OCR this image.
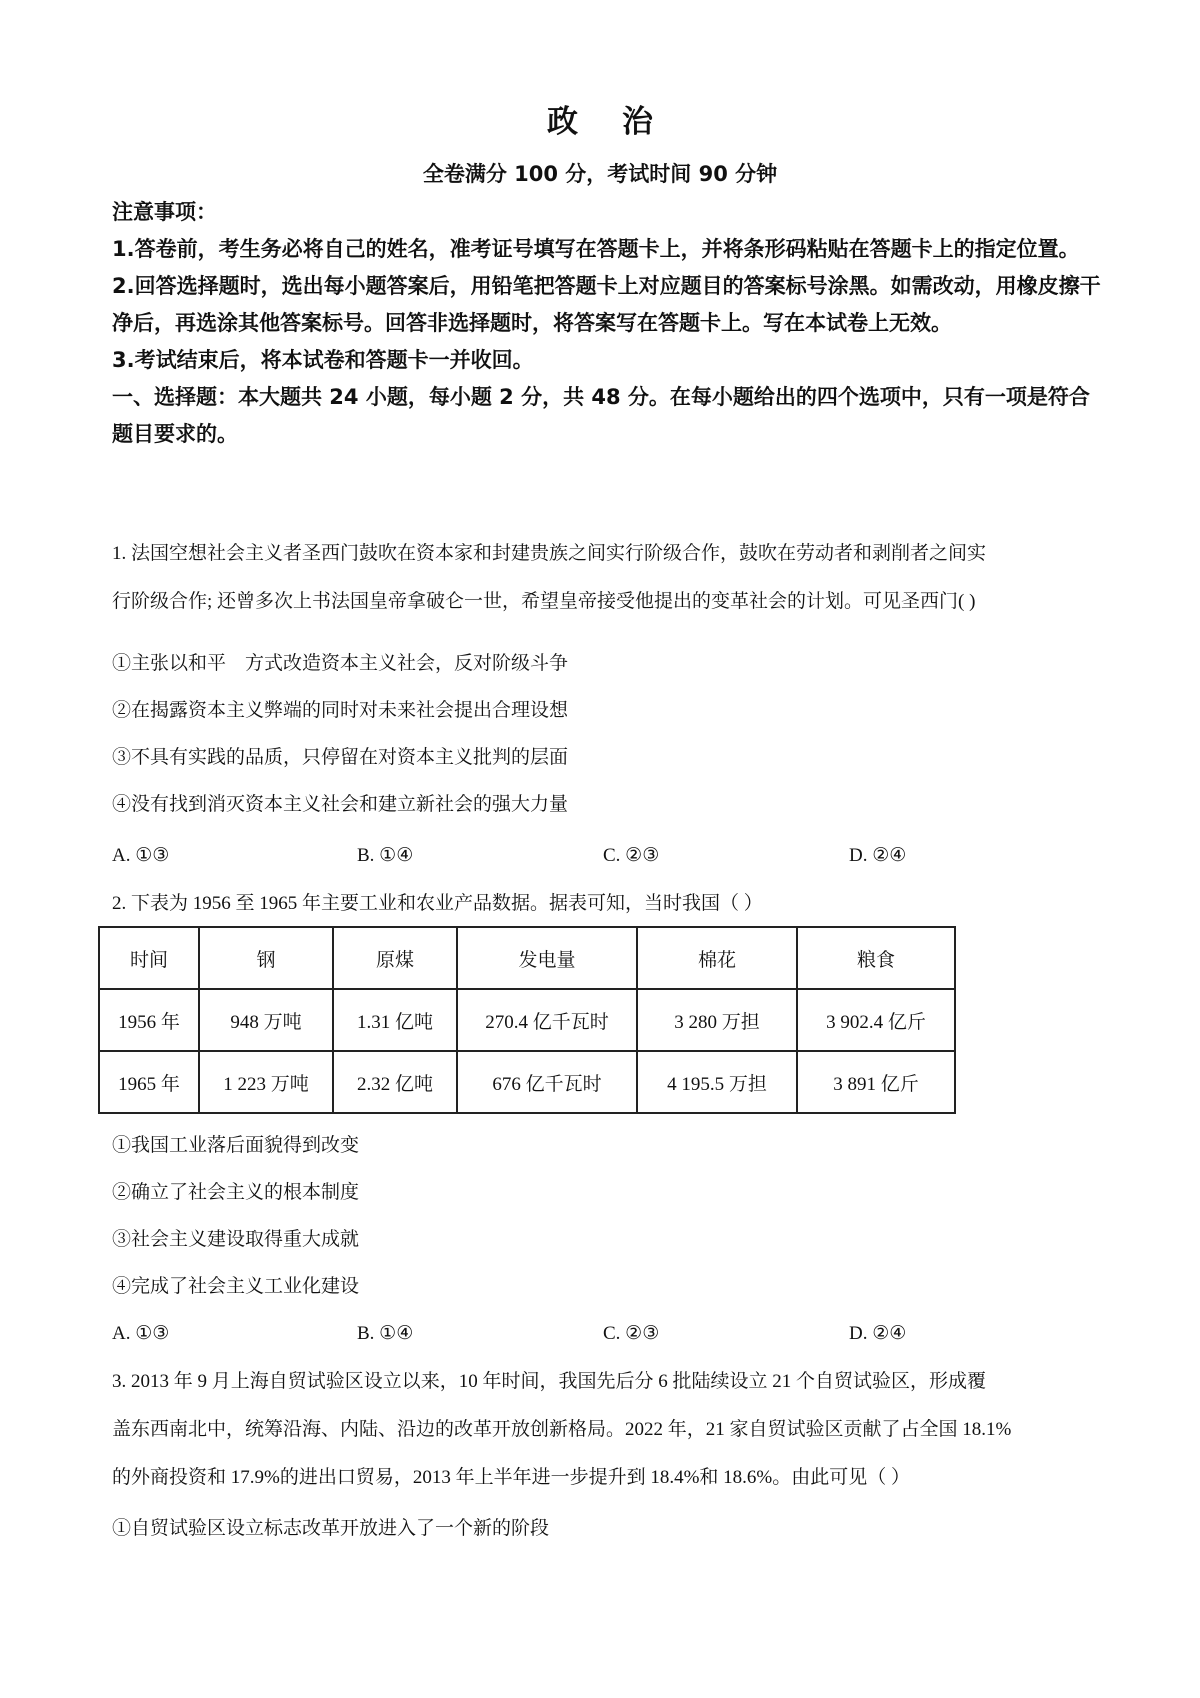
政治
全卷满分 100 分，考试时间 90 分钟

注意事项：

1.答卷前，考生务必将自己的姓名，准考证号填写在答题卡上，并将条形码粘贴在答题卡上的指定位置。

2.回答选择题时，选出每小题答案后，用铅笔把答题卡上对应题目的答案标号涂黑。如需改动，用橡皮擦干净后，再选涂其他答案标号。回答非选择题时，将答案写在答题卡上。写在本试卷上无效。

3.考试结束后，将本试卷和答题卡一并收回。

一、选择题：本大题共 24 小题，每小题 2 分，共 48 分。在每小题给出的四个选项中，只有一项是符合题目要求的。

1. 法国空想社会主义者圣西门鼓吹在资本家和封建贵族之间实行阶级合作，鼓吹在劳动者和剥削者之间实

行阶级合作; 还曾多次上书法国皇帝拿破仑一世，希望皇帝接受他提出的变革社会的计划。可见圣西门( )

①主张以和平　方式改造资本主义社会，反对阶级斗争
②在揭露资本主义弊端的同时对未来社会提出合理设想
③不具有实践的品质，只停留在对资本主义批判的层面
④没有找到消灭资本主义社会和建立新社会的强大力量
A. ①③	B. ①④	C. ②③	D. ②④

2. 下表为 1956 至 1965 年主要工业和农业产品数据。据表可知，当时我国（ ）

时间	钢	原煤	发电量	棉花	粮食
1956 年	948 万吨	1.31 亿吨	270.4 亿千瓦时	3 280 万担	3 902.4 亿斤
1965 年	1 223 万吨	2.32 亿吨	676 亿千瓦时	4 195.5 万担	3 891 亿斤
①我国工业落后面貌得到改变
②确立了社会主义的根本制度
③社会主义建设取得重大成就
④完成了社会主义工业化建设
A. ①③	B. ①④	C. ②③	D. ②④

3. 2013 年 9 月上海自贸试验区设立以来，10 年时间，我国先后分 6 批陆续设立 21 个自贸试验区，形成覆

盖东西南北中，统筹沿海、内陆、沿边的改革开放创新格局。2022 年，21 家自贸试验区贡献了占全国 18.1%

的外商投资和 17.9%的进出口贸易，2013 年上半年进一步提升到 18.4%和 18.6%。由此可见（ ）

①自贸试验区设立标志改革开放进入了一个新的阶段
